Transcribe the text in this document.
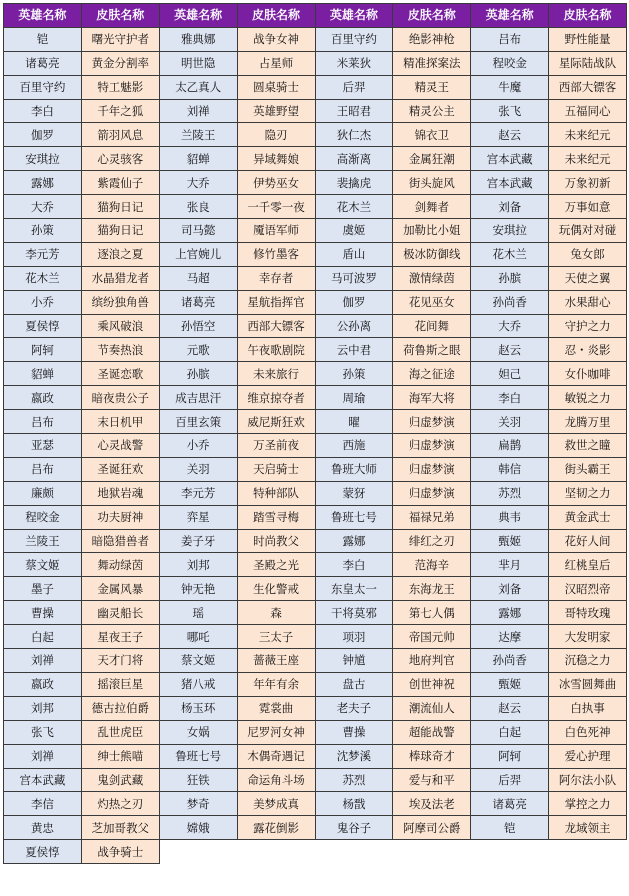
英雄名称	皮肤名称	英雄名称	皮肤名称	英雄名称	皮肤名称	英雄名称	皮肤名称
铠	曙光守护者	雅典娜	战争女神	百里守约	绝影神枪	吕布	野性能量
诸葛亮	黄金分割率	明世隐	占星师	米莱狄	精准探案法	程咬金	星际陆战队
百里守约	特工魅影	太乙真人	圆桌骑士	后羿	精灵王	牛魔	西部大镖客
李白	千年之狐	刘禅	英雄野望	王昭君	精灵公主	张飞	五福同心
伽罗	箭羽风息	兰陵王	隐刃	狄仁杰	锦衣卫	赵云	未来纪元
安琪拉	心灵骇客	貂蝉	异域舞娘	高渐离	金属狂潮	宫本武藏	未来纪元
露娜	紫霞仙子	大乔	伊势巫女	裴擒虎	街头旋风	宫本武藏	万象初新
大乔	猫狗日记	张良	一千零一夜	花木兰	剑舞者	刘备	万事如意
孙策	猫狗日记	司马懿	魇语军师	虞姬	加勒比小姐	安琪拉	玩偶对对碰
李元芳	逐浪之夏	上官婉儿	修竹墨客	盾山	极冰防御线	花木兰	兔女郎
花木兰	水晶猎龙者	马超	幸存者	马可波罗	激情绿茵	孙膑	天使之翼
小乔	缤纷独角兽	诸葛亮	星航指挥官	伽罗	花见巫女	孙尚香	水果甜心
夏侯惇	乘风破浪	孙悟空	西部大镖客	公孙离	花间舞	大乔	守护之力
阿轲	节奏热浪	元歌	午夜歌剧院	云中君	荷鲁斯之眼	赵云	忍・炎影
貂蝉	圣诞恋歌	孙膑	未来旅行	孙策	海之征途	妲己	女仆咖啡
嬴政	暗夜贵公子	成吉思汗	维京掠夺者	周瑜	海军大将	李白	敏锐之力
吕布	末日机甲	百里玄策	威尼斯狂欢	曜	归虚梦演	关羽	龙腾万里
亚瑟	心灵战警	小乔	万圣前夜	西施	归虚梦演	扁鹊	救世之瞳
吕布	圣诞狂欢	关羽	天启骑士	鲁班大师	归虚梦演	韩信	街头霸王
廉颇	地狱岩魂	李元芳	特种部队	蒙犽	归虚梦演	苏烈	坚韧之力
程咬金	功夫厨神	弈星	踏雪寻梅	鲁班七号	福禄兄弟	典韦	黄金武士
兰陵王	暗隐猎兽者	姜子牙	时尚教父	露娜	绯红之刃	甄姬	花好人间
蔡文姬	舞动绿茵	刘邦	圣殿之光	李白	范海辛	芈月	红桃皇后
墨子	金属风暴	钟无艳	生化警戒	东皇太一	东海龙王	刘备	汉昭烈帝
曹操	幽灵船长	瑶	森	干将莫邪	第七人偶	露娜	哥特玫瑰
白起	星夜王子	哪吒	三太子	项羽	帝国元帅	达摩	大发明家
刘禅	天才门将	蔡文姬	蔷薇王座	钟馗	地府判官	孙尚香	沉稳之力
嬴政	摇滚巨星	猪八戒	年年有余	盘古	创世神祝	甄姬	冰雪圆舞曲
刘邦	德古拉伯爵	杨玉环	霓裳曲	老夫子	潮流仙人	赵云	白执事
张飞	乱世虎臣	女娲	尼罗河女神	曹操	超能战警	白起	白色死神
刘禅	绅士熊喵	鲁班七号	木偶奇遇记	沈梦溪	棒球奇才	阿轲	爱心护理
宫本武藏	鬼剑武藏	狂铁	命运角斗场	苏烈	爱与和平	后羿	阿尔法小队
李信	灼热之刃	梦奇	美梦成真	杨戬	埃及法老	诸葛亮	掌控之力
黄忠	芝加哥教父	嫦娥	露花倒影	鬼谷子	阿摩司公爵	铠	龙域领主
夏侯惇	战争骑士						
